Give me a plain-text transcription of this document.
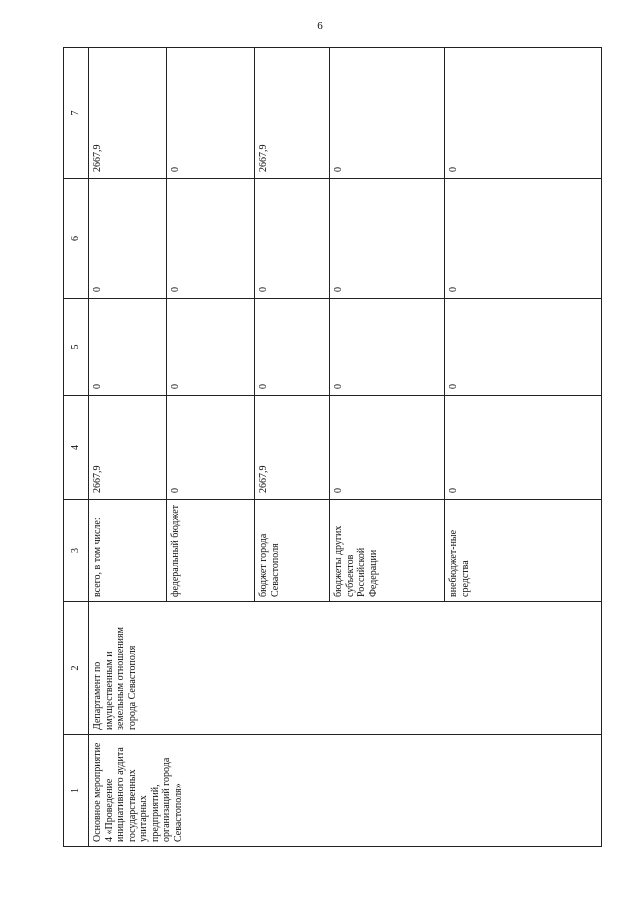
6
1	2	3	4	5	6	7
Основное мероприятие 4 «Проведение инициативного аудита государственных унитарных предприятий, организаций города Севастополя»	Департамент по имущественным и земельным отношениям города Севастополя	всего, в том числе:	2667,9	0	0	2667,9
		федеральный бюджет	0	0	0	0
		бюджет города Севастополя	2667,9	0	0	2667,9
		бюджеты других субъектов Российской Федерации	0	0	0	0
		внебюджет-ные средства	0	0	0	0
